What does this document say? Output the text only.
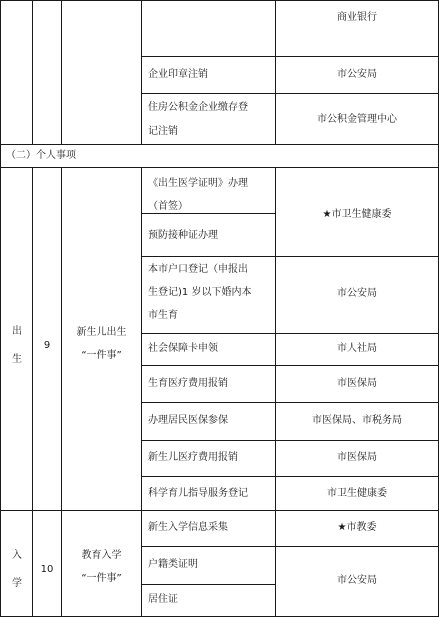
商业银行
企业印章注销	市公安局
住房公积金企业缴存登
记注销
市公积金管理中心
（二）个人事项
出
生
9
新生儿出生
“一件事”
《出生医学证明》办理
（首签）
预防接种证办理
本市户口登记（申报出
生登记)1 岁以下婚内本
市生育
社会保障卡申领
生育医疗费用报销
办理居民医保参保
新生儿医疗费用报销
科学育儿指导服务登记
★市卫生健康委
市公安局
市人社局
市医保局
市医保局、市税务局
市医保局
市卫生健康委
入
学
10
教育入学
“一件事”
新生入学信息采集
户籍类证明
居住证
★市教委
市公安局
